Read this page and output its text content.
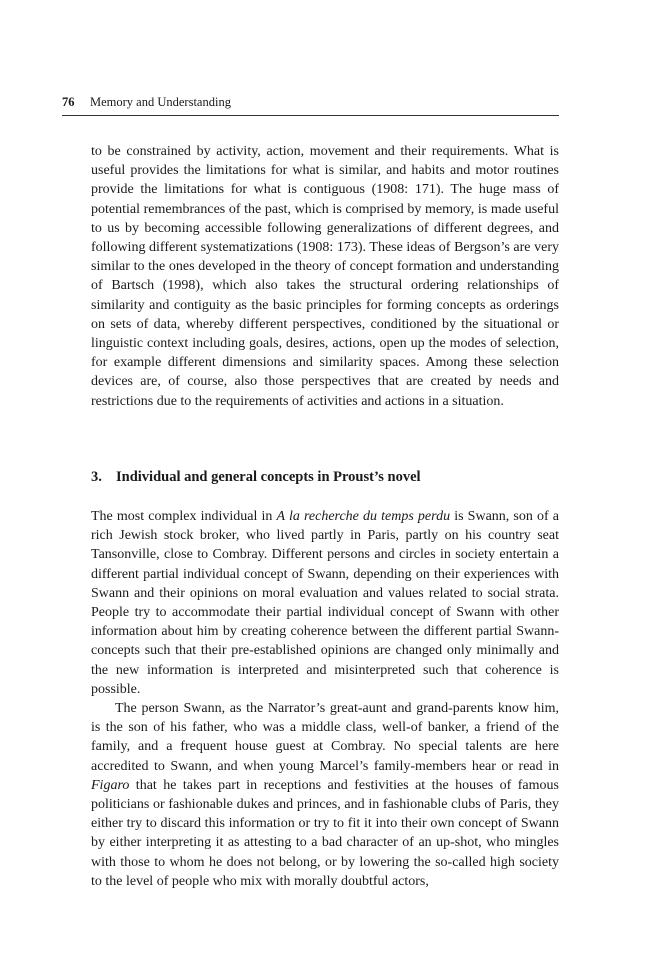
76 Memory and Understanding

to be constrained by activity, action, movement and their requirements. What is useful provides the limitations for what is similar, and habits and motor routines provide the limitations for what is contiguous (1908: 171). The huge mass of potential remembrances of the past, which is comprised by memory, is made useful to us by becoming accessible following generalizations of different degrees, and following different systematizations (1908: 173). These ideas of Bergson’s are very similar to the ones developed in the theory of concept formation and understanding of Bartsch (1998), which also takes the structural ordering relationships of similarity and contiguity as the basic principles for forming concepts as orderings on sets of data, whereby different perspectives, conditioned by the situational or linguistic context including goals, desires, actions, open up the modes of selection, for example different dimensions and similarity spaces. Among these selection devices are, of course, also those perspectives that are created by needs and restrictions due to the requirements of activities and actions in a situation.

3. Individual and general concepts in Proust’s novel

The most complex individual in A la recherche du temps perdu is Swann, son of a rich Jewish stock broker, who lived partly in Paris, partly on his country seat Tansonville, close to Combray. Different persons and circles in society entertain a different partial individual concept of Swann, depending on their experiences with Swann and their opinions on moral evaluation and values related to social strata. People try to accommodate their partial individual concept of Swann with other information about him by creating coherence between the different partial Swann-concepts such that their pre-established opinions are changed only minimally and the new information is interpreted and misinterpreted such that coherence is possible.

The person Swann, as the Narrator’s great-aunt and grand-parents know him, is the son of his father, who was a middle class, well-of banker, a friend of the family, and a frequent house guest at Combray. No special talents are here accredited to Swann, and when young Marcel’s family-members hear or read in Figaro that he takes part in receptions and festivities at the houses of famous politicians or fashionable dukes and princes, and in fashionable clubs of Paris, they either try to discard this information or try to fit it into their own concept of Swann by either interpreting it as attesting to a bad character of an up-shot, who mingles with those to whom he does not belong, or by lowering the so-called high society to the level of people who mix with morally doubtful actors,
